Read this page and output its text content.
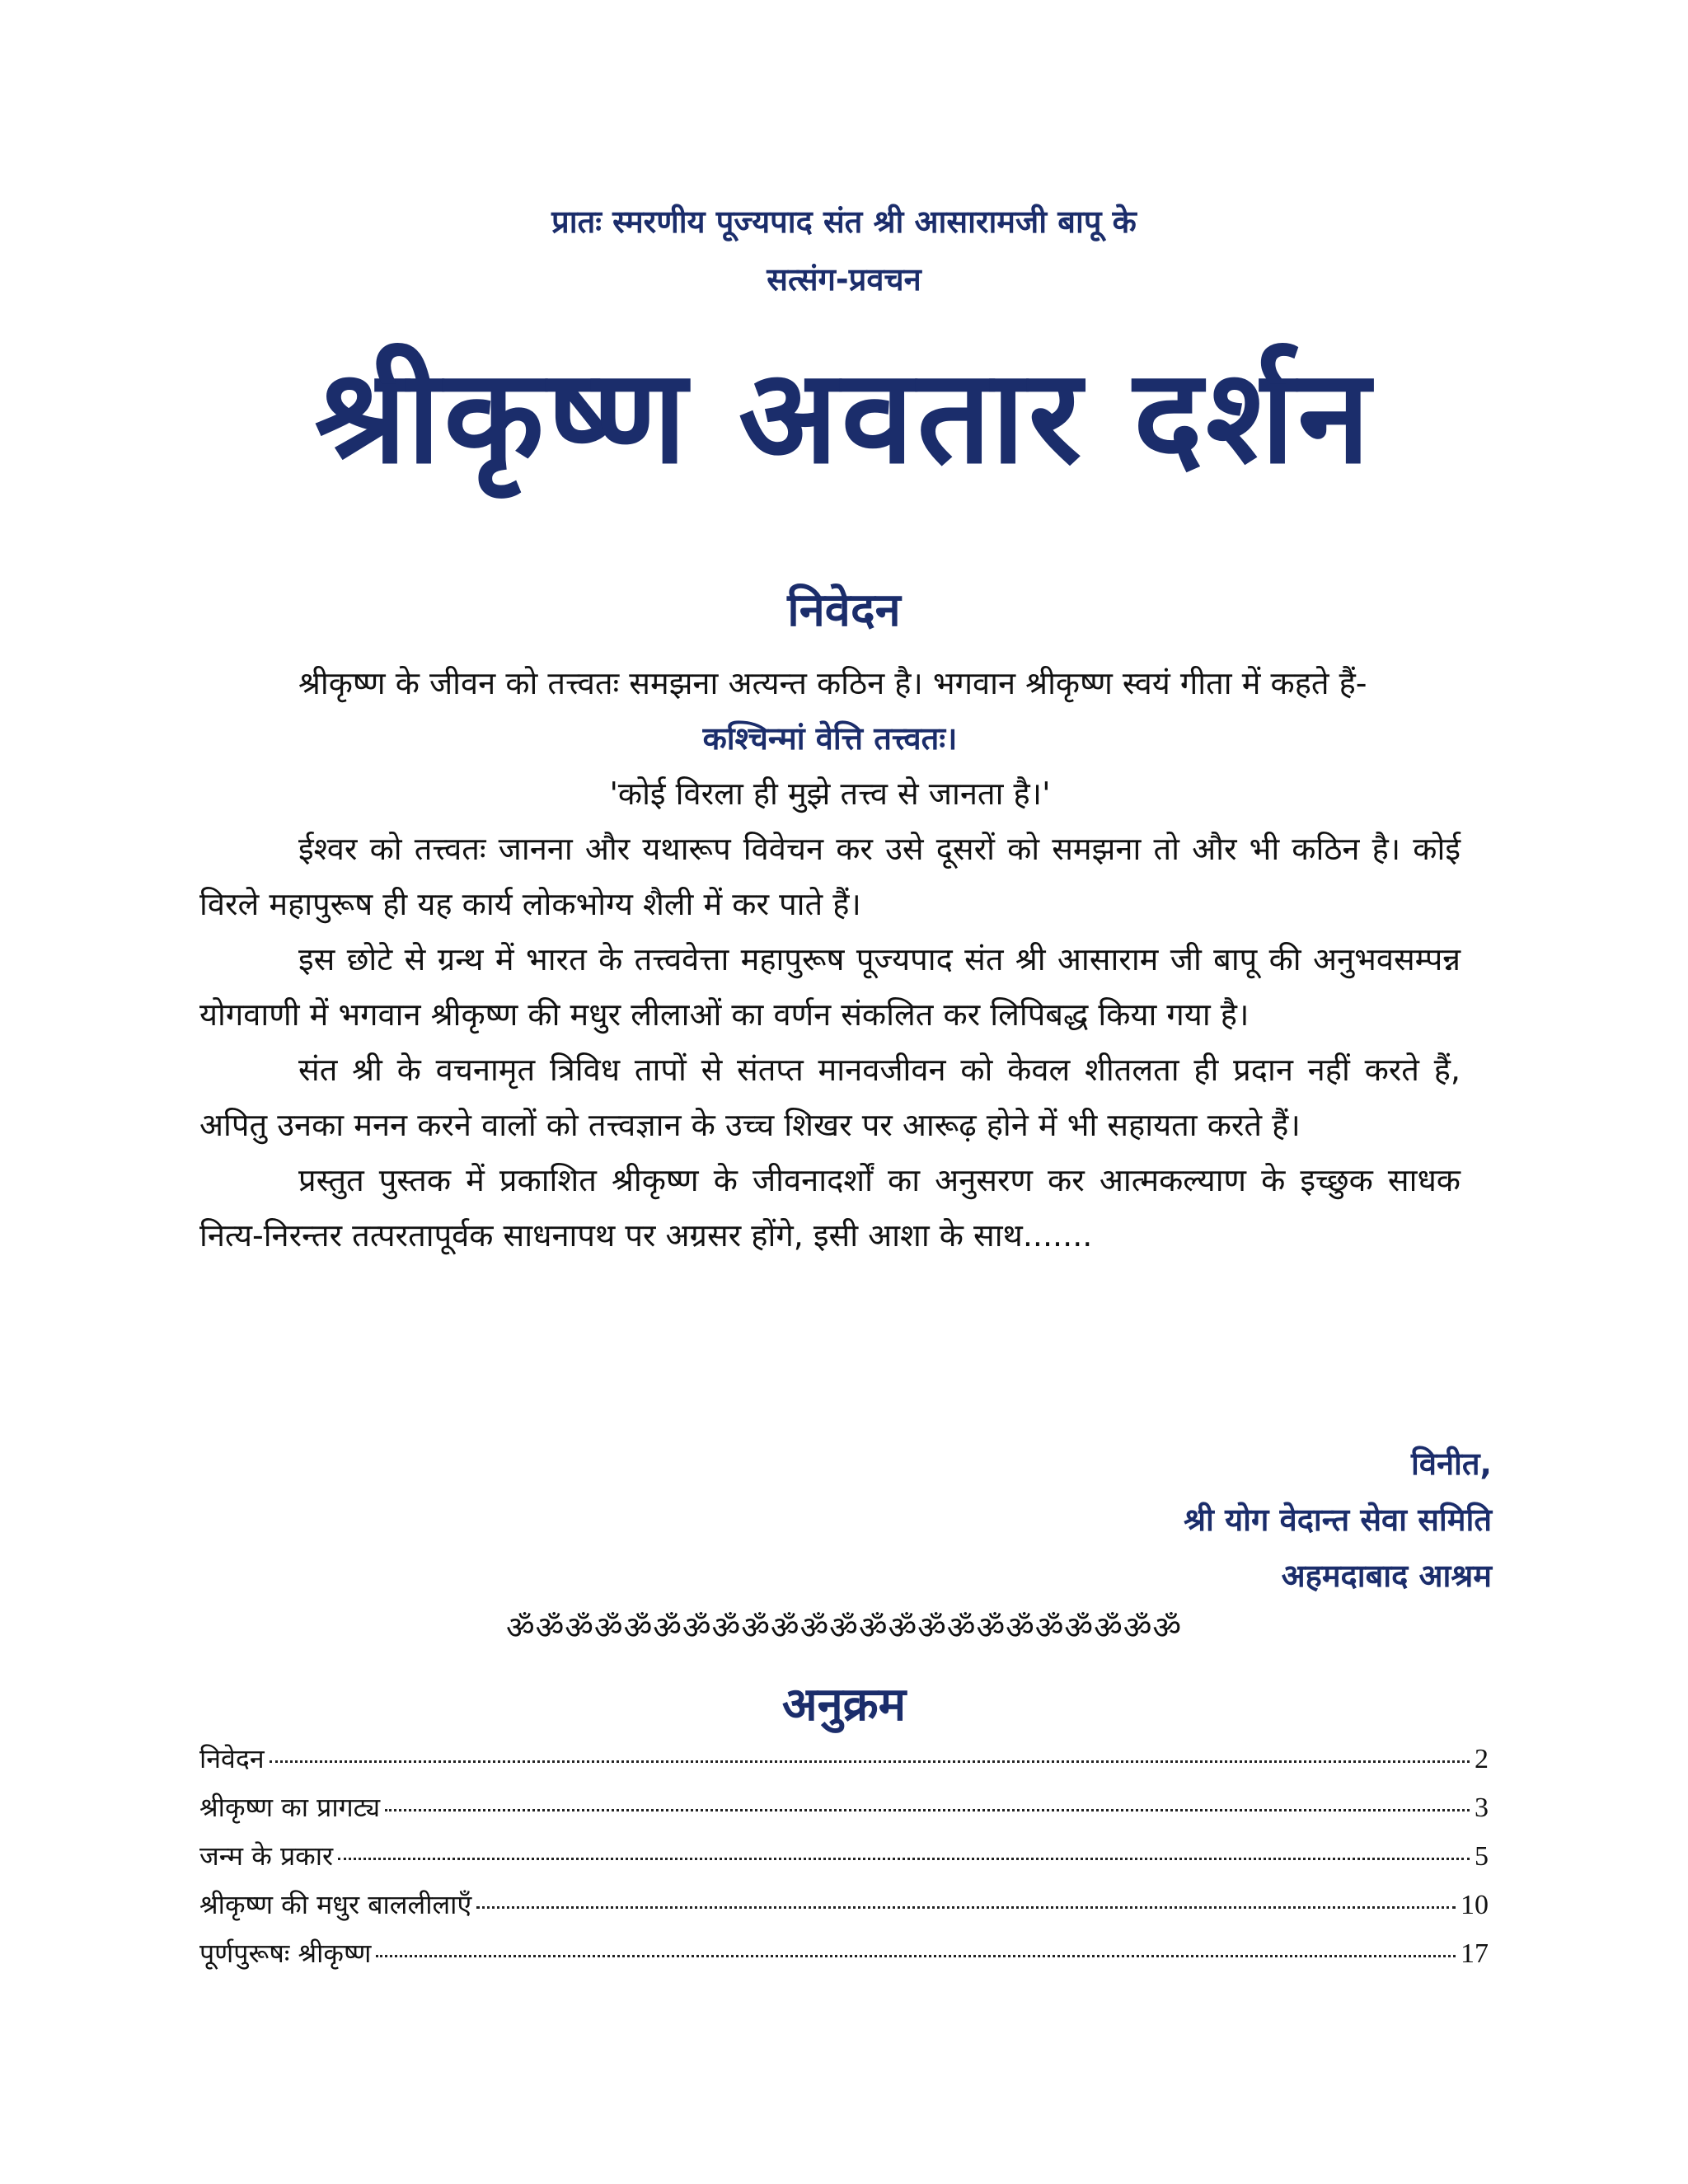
प्रातः स्मरणीय पूज्यपाद संत श्री आसारामजी बापू के
सत्संग-प्रवचन
श्रीकृष्ण अवतार दर्शन
निवेदन

श्रीकृष्ण के जीवन को तत्त्वतः समझना अत्यन्त कठिन है। भगवान श्रीकृष्ण स्वयं गीता में कहते हैं-

कश्चिन्मां वेत्ति तत्त्वतः।

'कोई विरला ही मुझे तत्त्व से जानता है।'

ईश्वर को तत्त्वतः जानना और यथारूप विवेचन कर उसे दूसरों को समझना तो और भी कठिन है। कोई विरले महापुरूष ही यह कार्य लोकभोग्य शैली में कर पाते हैं।

इस छोटे से ग्रन्थ में भारत के तत्त्ववेत्ता महापुरूष पूज्यपाद संत श्री आसाराम जी बापू की अनुभवसम्पन्न योगवाणी में भगवान श्रीकृष्ण की मधुर लीलाओं का वर्णन संकलित कर लिपिबद्ध किया गया है।

संत श्री के वचनामृत त्रिविध तापों से संतप्त मानवजीवन को केवल शीतलता ही प्रदान नहीं करते हैं, अपितु उनका मनन करने वालों को तत्त्वज्ञान के उच्च शिखर पर आरूढ़ होने में भी सहायता करते हैं।

प्रस्तुत पुस्तक में प्रकाशित श्रीकृष्ण के जीवनादर्शों का अनुसरण कर आत्मकल्याण के इच्छुक साधक नित्य-निरन्तर तत्परतापूर्वक साधनापथ पर अग्रसर होंगे, इसी आशा के साथ.......

विनीत,
श्री योग वेदान्त सेवा समिति
अहमदाबाद आश्रम
ॐॐॐॐॐॐॐॐॐॐॐॐॐॐॐॐॐॐॐॐॐॐॐ
अनुक्रम
निवेदन	2
श्रीकृष्ण का प्रागट्य	3
जन्म के प्रकार	5
श्रीकृष्ण की मधुर बाललीलाएँ	10
पूर्णपुरूषः श्रीकृष्ण	17
